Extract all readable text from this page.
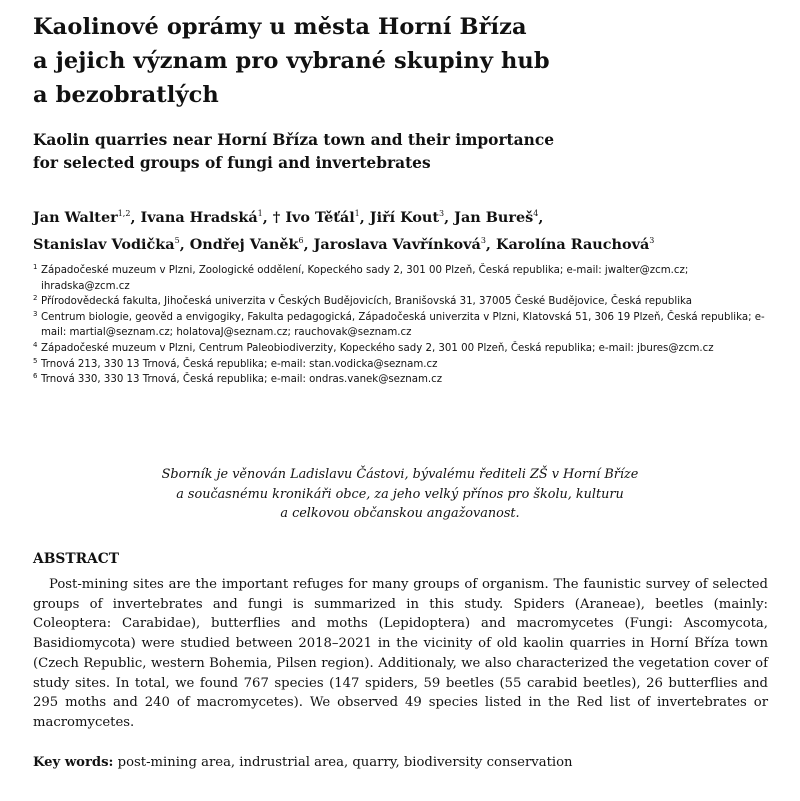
Kaolinové oprámy u města Horní Bříza
a jejich význam pro vybrané skupiny hub
a bezobratlých
Kaolin quarries near Horní Bříza town and their importance
for selected groups of fungi and invertebrates
Jan Walter$^{1,2}$, Ivana Hradská$^1$, † Ivo Těťál$^1$, Jiří Kout$^3$, Jan Bureš$^4$,
Stanislav Vodička$^5$, Ondřej Vaněk$^6$, Jaroslava Vavřínková$^3$, Karolína Rauchová$^3$
1 Západočeské muzeum v Plzni, Zoologické oddělení, Kopeckého sady 2, 301 00 Plzeň, Česká republika; e-mail: jwalter@zcm.cz; ihradska@zcm.cz
2 Přírodovědecká fakulta, Jihočeská univerzita v Českých Budějovicích, Branišovská 31, 37005 České Budějovice, Česká republika
3 Centrum biologie, geověd a envigogiky, Fakulta pedagogická, Západočeská univerzita v Plzni, Klatovská 51, 306 19 Plzeň, Česká republika; e-mail: martial@seznam.cz; holatovaJ@seznam.cz; rauchovak@seznam.cz
4 Západočeské muzeum v Plzni, Centrum Paleobiodiverzity, Kopeckého sady 2, 301 00 Plzeň, Česká republika; e-mail: jbures@zcm.cz
5 Trnová 213, 330 13 Trnová, Česká republika; e-mail: stan.vodicka@seznam.cz
6 Trnová 330, 330 13 Trnová, Česká republika; e-mail: ondras.vanek@seznam.cz
Sborník je věnován Ladislavu Částovi, bývalému řediteli ZŠ v Horní Bříze
a současnému kronikáři obce, za jeho velký přínos pro školu, kulturu
a celkovou občanskou angažovanost.
ABSTRACT
Post-mining sites are the important refuges for many groups of organism. The faunistic survey of selected groups of invertebrates and fungi is summarized in this study. Spiders (Araneae), beetles (mainly: Coleoptera: Carabidae), butterflies and moths (Lepidoptera) and macromycetes (Fungi: Ascomycota, Basidiomycota) were studied between 2018–2021 in the vicinity of old kaolin quarries in Horní Bříza town (Czech Republic, western Bohemia, Pilsen region). Additionaly, we also characterized the vegetation cover of study sites. In total, we found 767 species (147 spiders, 59 beetles (55 carabid beetles), 26 butterflies and 295 moths and 240 of macromycetes). We observed 49 species listed in the Red list of invertebrates or macromycetes.
Key words: post-mining area, indrustrial area, quarry, biodiversity conservation
